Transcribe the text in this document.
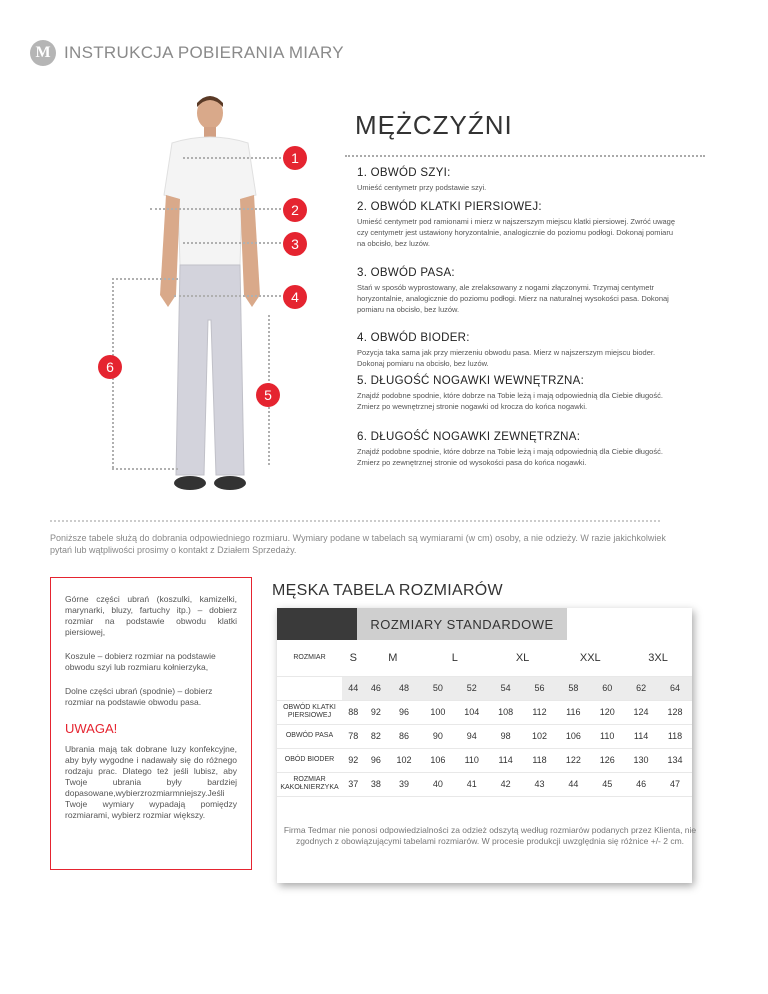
M INSTRUKCJA POBIERANIA MIARY
1
2
3
4
6
5
MĘŻCZYŹNI
1. OBWÓD SZYI:

Umieść centymetr przy podstawie szyi.

2. OBWÓD KLATKI PIERSIOWEJ:

Umieść centymetr pod ramionami i mierz w najszerszym miejscu klatki piersiowej. Zwróć uwagę czy centymetr jest ustawiony horyzontalnie, analogicznie do poziomu podłogi. Dokonaj pomiaru na obcisło, bez luzów.

3. OBWÓD PASA:

Stań w sposób wyprostowany, ale zrelaksowany z nogami złączonymi. Trzymaj centymetr horyzontalnie, analogicznie do poziomu podłogi. Mierz na naturalnej wysokości pasa. Dokonaj pomiaru na obcisło, bez luzów.

4. OBWÓD BIODER:

Pozycja taka sama jak przy mierzeniu obwodu pasa. Mierz w najszerszym miejscu bioder. Dokonaj pomiaru na obcisło, bez luzów.

5. DŁUGOŚĆ NOGAWKI WEWNĘTRZNA:

Znajdź podobne spodnie, które dobrze na Tobie leżą i mają odpowiednią dla Ciebie długość. Zmierz po wewnętrznej stronie nogawki od krocza do końca nogawki.

6. DŁUGOŚĆ NOGAWKI ZEWNĘTRZNA:

Znajdź podobne spodnie, które dobrze na Tobie leżą i mają odpowiednią dla Ciebie długość. Zmierz po zewnętrznej stronie od wysokości pasa do końca nogawki.

Poniższe tabele służą do dobrania odpowiedniego rozmiaru. Wymiary podane w tabelach są wymiarami (w cm) osoby, a nie odzieży. W razie jakichkolwiek pytań lub wątpliwości prosimy o kontakt z Działem Sprzedaży.

Górne części ubrań (koszulki, kamizelki, marynarki, bluzy, fartuchy itp.) – dobierz rozmiar na podstawie obwodu klatki piersiowej,

Koszule – dobierz rozmiar na podstawie obwodu szyi lub rozmiaru kołnierzyka,

Dolne części ubrań (spodnie) – dobierz rozmiar na podstawie obwodu pasa.

UWAGA!

Ubrania mają tak dobrane luzy konfekcyjne, aby były wygodne i nadawały się do różnego rodzaju prac. Dlatego też jeśli lubisz, aby Twoje ubrania były bardziej dopasowane,wybierzrozmiarmniejszy.Jeśli Twoje wymiary wypadają pomiędzy rozmiarami, wybierz rozmiar większy.

MĘSKA TABELA ROZMIARÓW
ROZMIARY STANDARDOWE
ROZMIAR	S	M		L		XL		XXL		3XL	
	44	46	48	50	52	54	56	58	60	62	64
OBWÓD KLATKI PIERSIOWEJ	88	92	96	100	104	108	112	116	120	124	128
OBWÓD PASA	78	82	86	90	94	98	102	106	110	114	118
OBÓD BIODER	92	96	102	106	110	114	118	122	126	130	134
ROZMIAR KAKOŁNIERZYKA	37	38	39	40	41	42	43	44	45	46	47
Firma Tedmar nie ponosi odpowiedzialności za odzież odszytą według rozmiarów podanych przez Klienta, nie zgodnych z obowiązującymi tabelami rozmiarów. W procesie produkcji uwzględnia się różnice +/- 2 cm.
